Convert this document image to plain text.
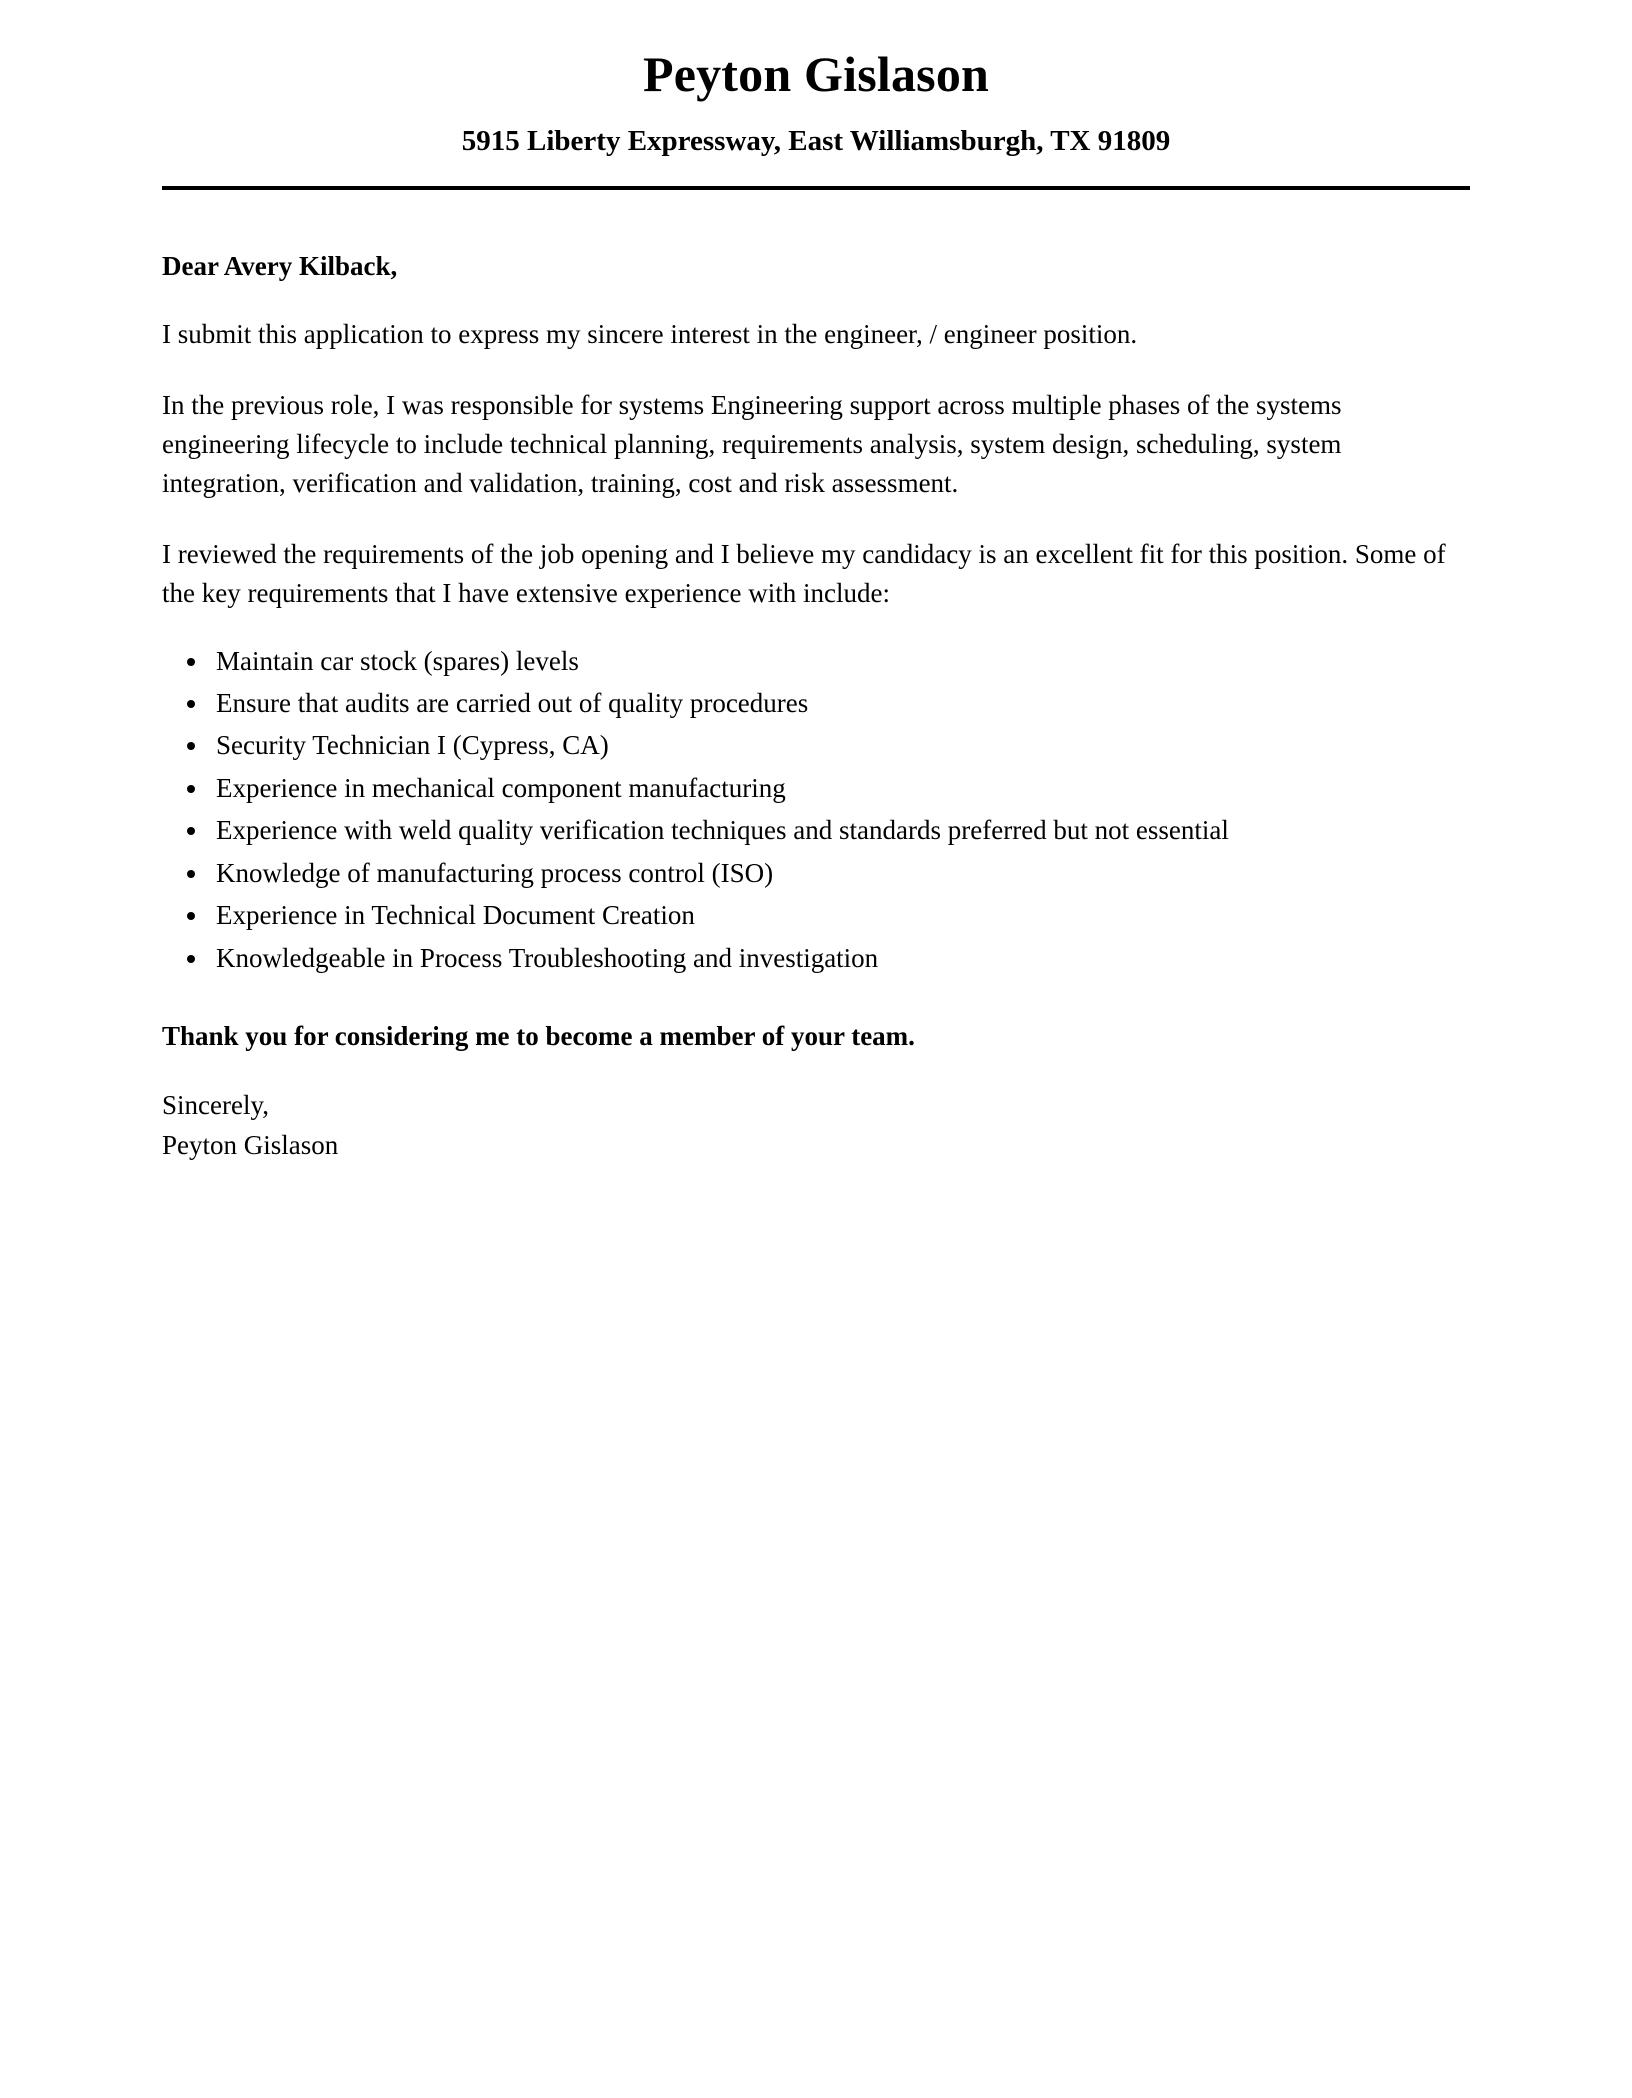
Peyton Gislason
5915 Liberty Expressway, East Williamsburgh, TX 91809

Dear Avery Kilback,

I submit this application to express my sincere interest in the engineer, / engineer position.

In the previous role, I was responsible for systems Engineering support across multiple phases of the systems engineering lifecycle to include technical planning, requirements analysis, system design, scheduling, system integration, verification and validation, training, cost and risk assessment.

I reviewed the requirements of the job opening and I believe my candidacy is an excellent fit for this position. Some of the key requirements that I have extensive experience with include:

• Maintain car stock (spares) levels
• Ensure that audits are carried out of quality procedures
• Security Technician I (Cypress, CA)
• Experience in mechanical component manufacturing
• Experience with weld quality verification techniques and standards preferred but not essential
• Knowledge of manufacturing process control (ISO)
• Experience in Technical Document Creation
• Knowledgeable in Process Troubleshooting and investigation

Thank you for considering me to become a member of your team.

Sincerely,
Peyton Gislason
